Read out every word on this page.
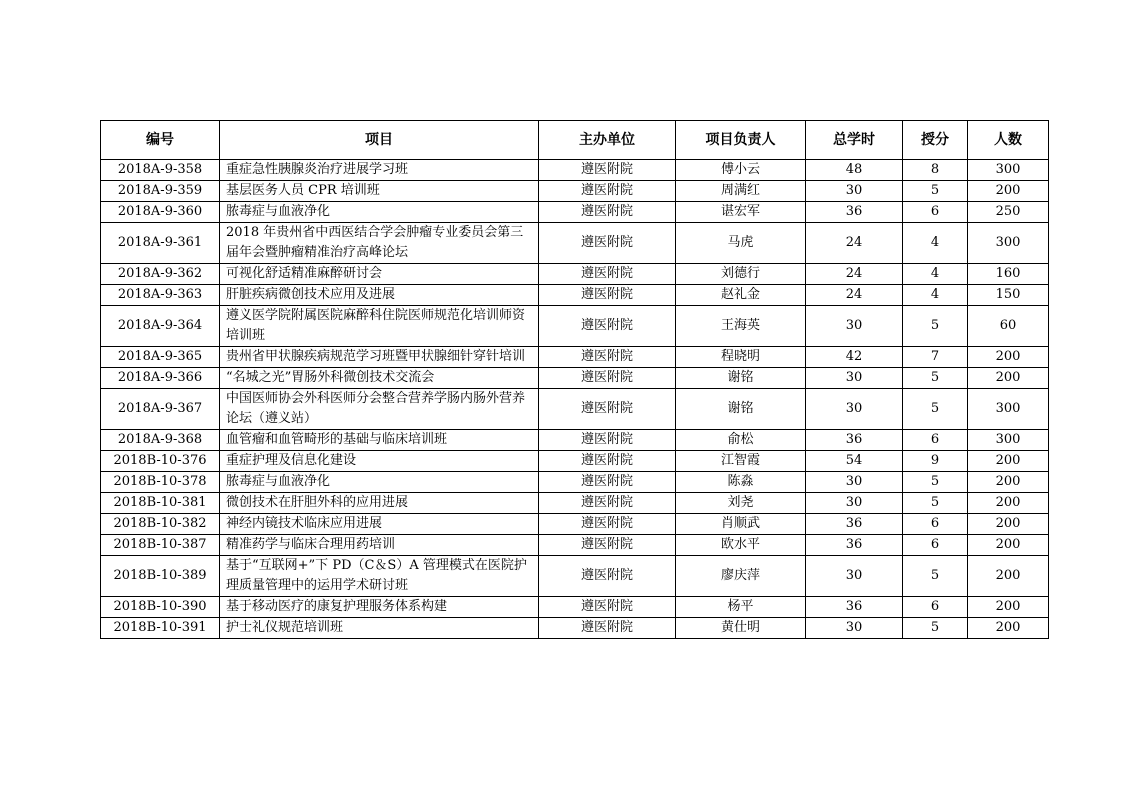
编号	项目	主办单位	项目负责人	总学时	授分	人数
2018A-9-358	重症急性胰腺炎治疗进展学习班	遵医附院	傅小云	48	8	300
2018A-9-359	基层医务人员 CPR 培训班	遵医附院	周满红	30	5	200
2018A-9-360	脓毒症与血液净化	遵医附院	谌宏军	36	6	250
2018A-9-361	2018 年贵州省中西医结合学会肿瘤专业委员会第三届年会暨肿瘤精准治疗高峰论坛	遵医附院	马虎	24	4	300
2018A-9-362	可视化舒适精准麻醉研讨会	遵医附院	刘德行	24	4	160
2018A-9-363	肝脏疾病微创技术应用及进展	遵医附院	赵礼金	24	4	150
2018A-9-364	遵义医学院附属医院麻醉科住院医师规范化培训师资培训班	遵医附院	王海英	30	5	60
2018A-9-365	贵州省甲状腺疾病规范学习班暨甲状腺细针穿针培训	遵医附院	程晓明	42	7	200
2018A-9-366	“名城之光”胃肠外科微创技术交流会	遵医附院	谢铭	30	5	200
2018A-9-367	中国医师协会外科医师分会整合营养学肠内肠外营养论坛（遵义站）	遵医附院	谢铭	30	5	300
2018A-9-368	血管瘤和血管畸形的基础与临床培训班	遵医附院	俞松	36	6	300
2018B-10-376	重症护理及信息化建设	遵医附院	江智霞	54	9	200
2018B-10-378	脓毒症与血液净化	遵医附院	陈淼	30	5	200
2018B-10-381	微创技术在肝胆外科的应用进展	遵医附院	刘尧	30	5	200
2018B-10-382	神经内镜技术临床应用进展	遵医附院	肖顺武	36	6	200
2018B-10-387	精准药学与临床合理用药培训	遵医附院	欧水平	36	6	200
2018B-10-389	基于“互联网+”下 PD（C＆S）A 管理模式在医院护理质量管理中的运用学术研讨班	遵医附院	廖庆萍	30	5	200
2018B-10-390	基于移动医疗的康复护理服务体系构建	遵医附院	杨平	36	6	200
2018B-10-391	护士礼仪规范培训班	遵医附院	黄仕明	30	5	200
